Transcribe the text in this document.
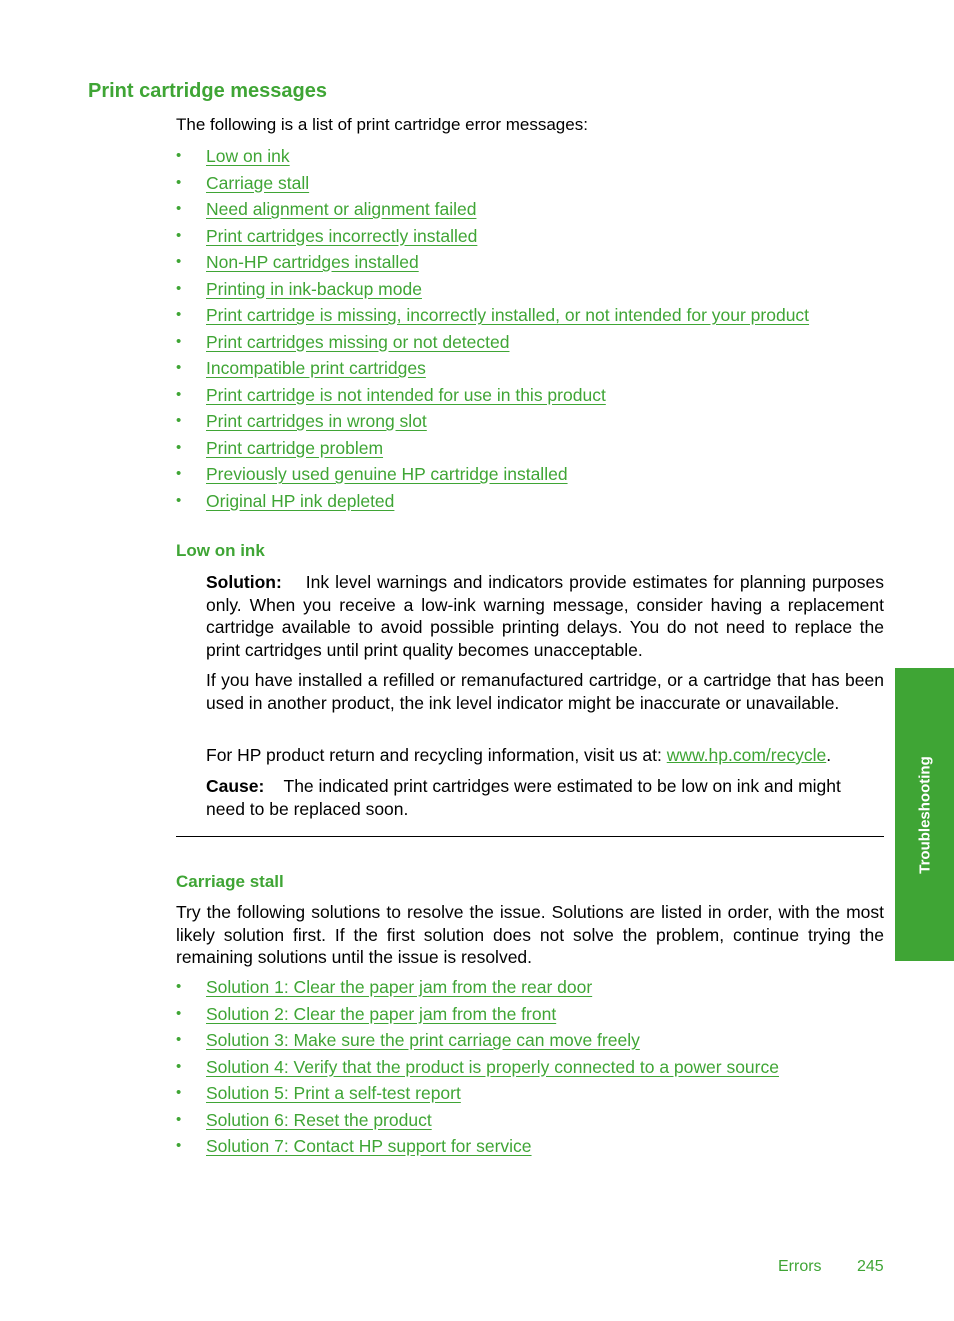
Print cartridge messages

The following is a list of print cartridge error messages:

• Low on ink
• Carriage stall
• Need alignment or alignment failed
• Print cartridges incorrectly installed
• Non-HP cartridges installed
• Printing in ink-backup mode
• Print cartridge is missing, incorrectly installed, or not intended for your product
• Print cartridges missing or not detected
• Incompatible print cartridges
• Print cartridge is not intended for use in this product
• Print cartridges in wrong slot
• Print cartridge problem
• Previously used genuine HP cartridge installed
• Original HP ink depleted
Low on ink

Solution: Ink level warnings and indicators provide estimates for planning purposes only. When you receive a low-ink warning message, consider having a replacement cartridge available to avoid possible printing delays. You do not need to replace the print cartridges until print quality becomes unacceptable.

If you have installed a refilled or remanufactured cartridge, or a cartridge that has been used in another product, the ink level indicator might be inaccurate or unavailable.

For HP product return and recycling information, visit us at: www.hp.com/recycle.

Cause: The indicated print cartridges were estimated to be low on ink and might need to be replaced soon.

Carriage stall

Try the following solutions to resolve the issue. Solutions are listed in order, with the most likely solution first. If the first solution does not solve the problem, continue trying the remaining solutions until the issue is resolved.

• Solution 1: Clear the paper jam from the rear door
• Solution 2: Clear the paper jam from the front
• Solution 3: Make sure the print carriage can move freely
• Solution 4: Verify that the product is properly connected to a power source
• Solution 5: Print a self-test report
• Solution 6: Reset the product
• Solution 7: Contact HP support for service
Troubleshooting
Errors 245
